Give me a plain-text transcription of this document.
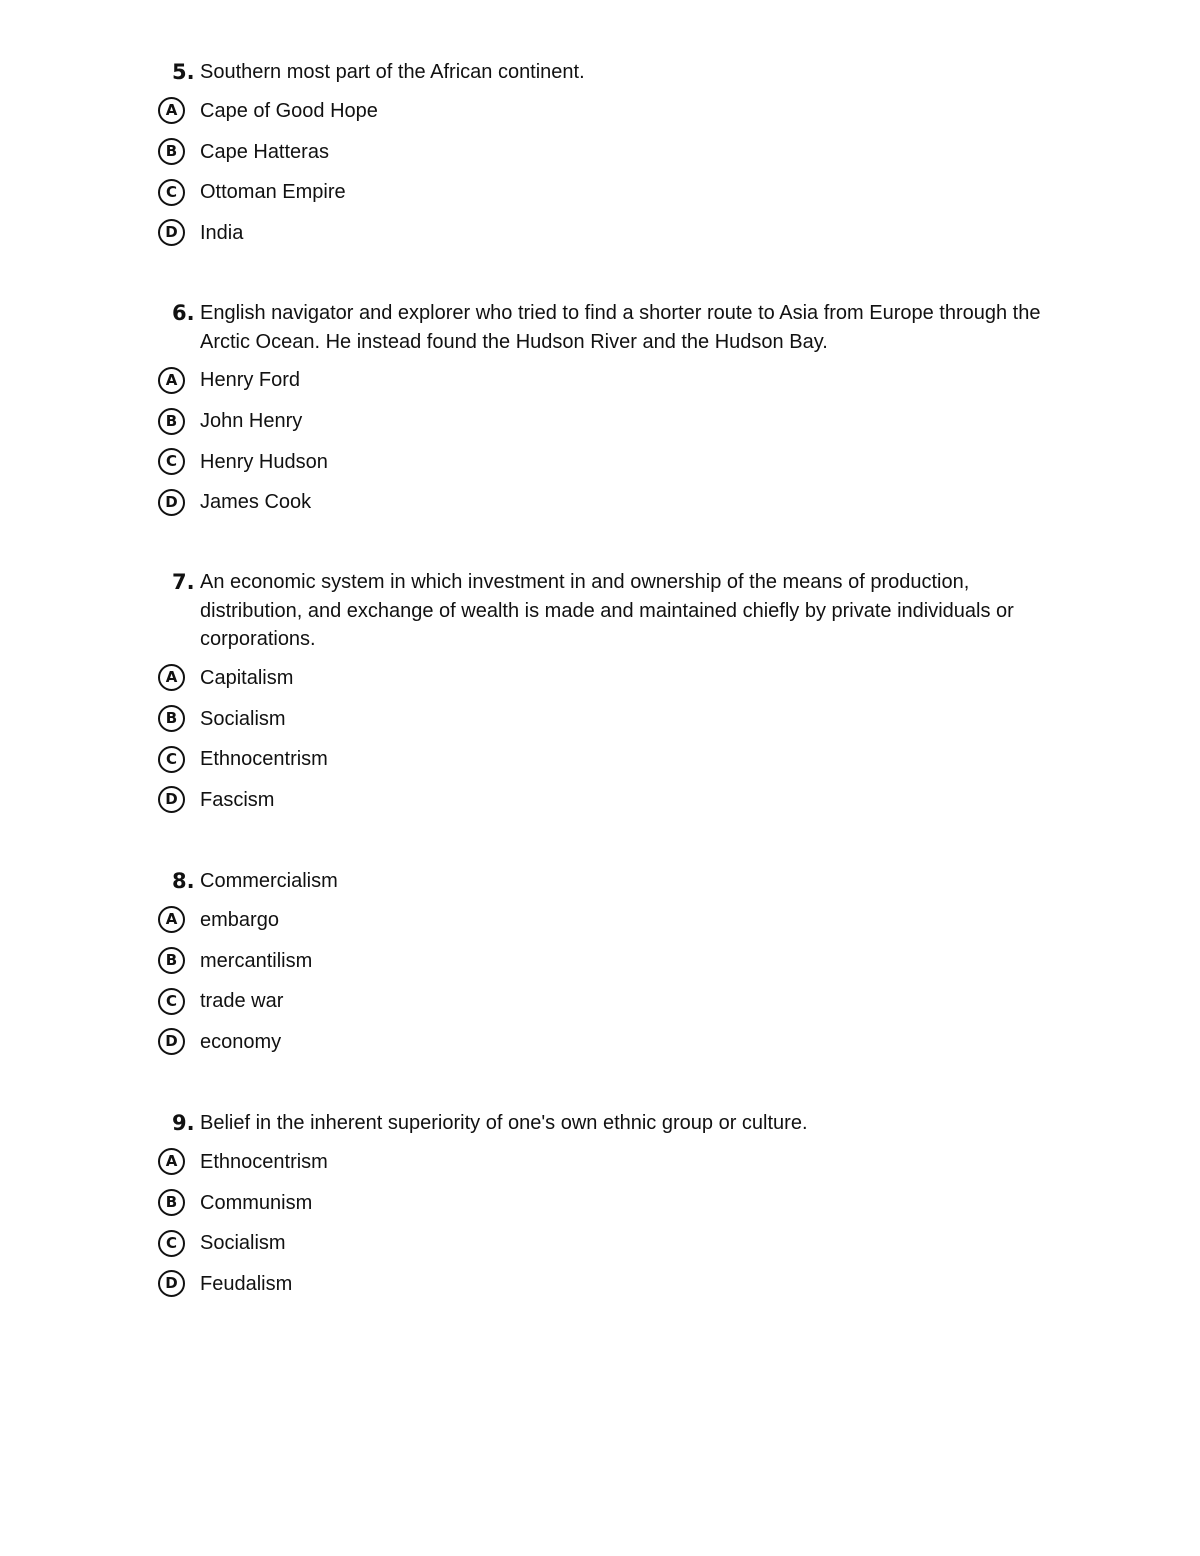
5. Southern most part of the African continent.
A	Cape of Good Hope
B	Cape Hatteras
C	Ottoman Empire
D	India
6. English navigator and explorer who tried to find a shorter route to Asia from Europe through the Arctic Ocean. He instead found the Hudson River and the Hudson Bay.
A	Henry Ford
B	John Henry
C	Henry Hudson
D	James Cook
7. An economic system in which investment in and ownership of the means of production, distribution, and exchange of wealth is made and maintained chiefly by private individuals or corporations.
A	Capitalism
B	Socialism
C	Ethnocentrism
D	Fascism
8. Commercialism
A	embargo
B	mercantilism
C	trade war
D	economy
9. Belief in the inherent superiority of one's own ethnic group or culture.
A	Ethnocentrism
B	Communism
C	Socialism
D	Feudalism
